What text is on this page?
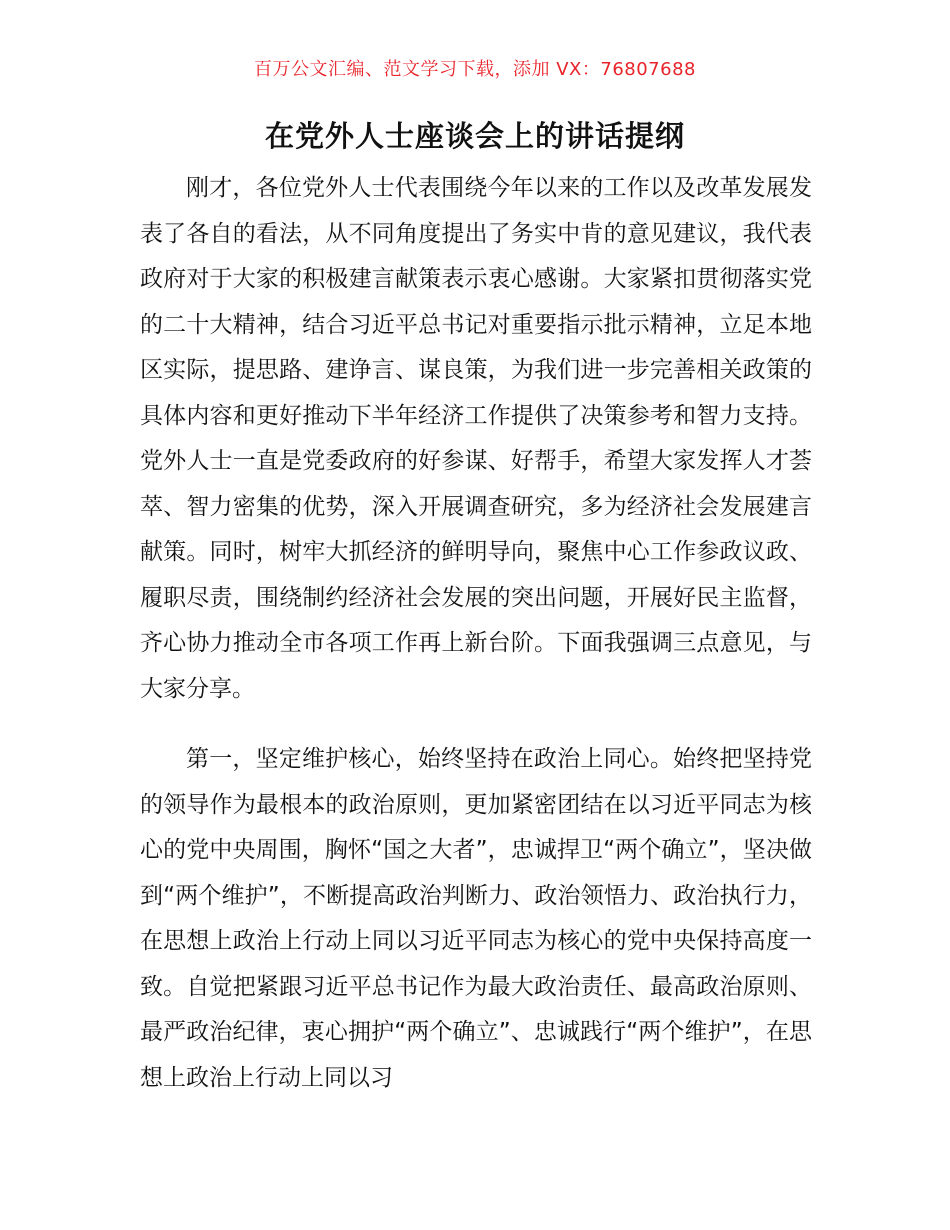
百万公文汇编、范文学习下载，添加 VX：76807688
在党外人士座谈会上的讲话提纲

刚才，各位党外人士代表围绕今年以来的工作以及改革发展发表了各自的看法，从不同角度提出了务实中肯的意见建议，我代表政府对于大家的积极建言献策表示衷心感谢。大家紧扣贯彻落实党的二十大精神，结合习近平总书记对重要指示批示精神，立足本地区实际，提思路、建诤言、谋良策，为我们进一步完善相关政策的具体内容和更好推动下半年经济工作提供了决策参考和智力支持。党外人士一直是党委政府的好参谋、好帮手，希望大家发挥人才荟萃、智力密集的优势，深入开展调查研究，多为经济社会发展建言献策。同时，树牢大抓经济的鲜明导向，聚焦中心工作参政议政、履职尽责，围绕制约经济社会发展的突出问题，开展好民主监督，齐心协力推动全市各项工作再上新台阶。下面我强调三点意见，与大家分享。

第一，坚定维护核心，始终坚持在政治上同心。始终把坚持党的领导作为最根本的政治原则，更加紧密团结在以习近平同志为核心的党中央周围，胸怀“国之大者”，忠诚捍卫“两个确立”，坚决做到“两个维护”，不断提高政治判断力、政治领悟力、政治执行力，在思想上政治上行动上同以习近平同志为核心的党中央保持高度一致。自觉把紧跟习近平总书记作为最大政治责任、最高政治原则、最严政治纪律，衷心拥护“两个确立”、忠诚践行“两个维护”，在思想上政治上行动上同以习
